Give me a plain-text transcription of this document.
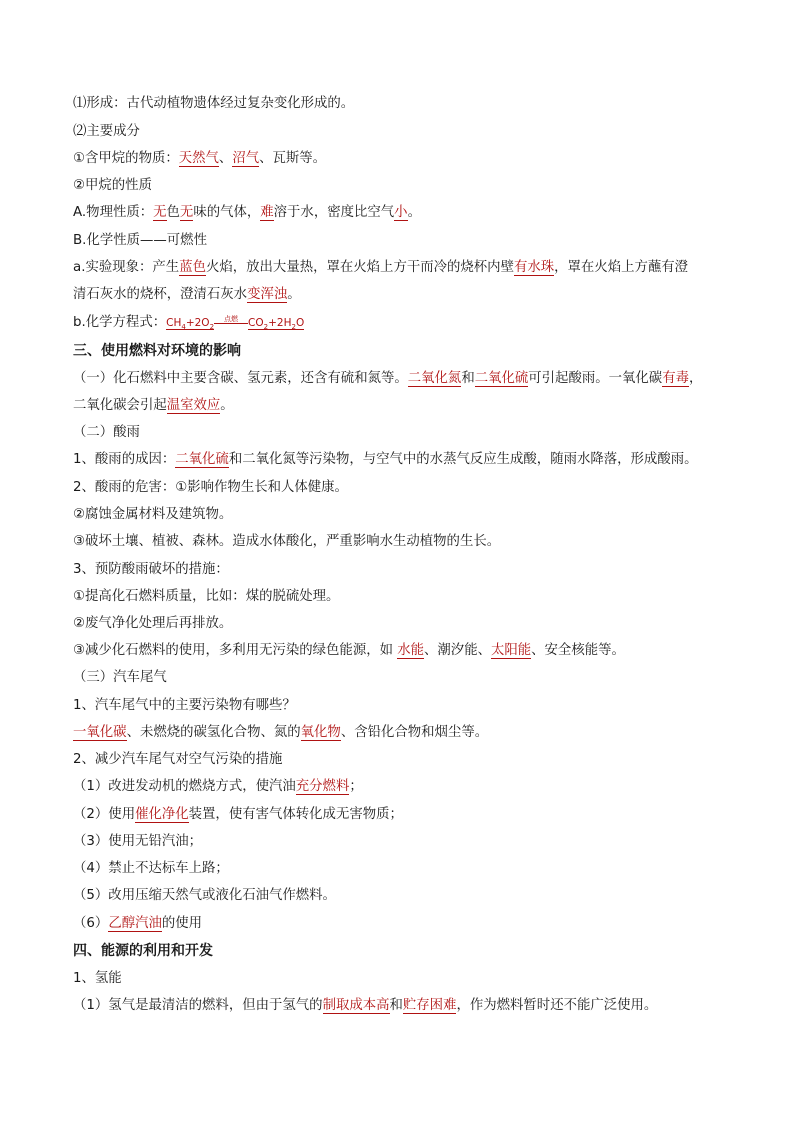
⑴形成：古代动植物遗体经过复杂变化形成的。
⑵主要成分
①含甲烷的物质：天然气、沼气、瓦斯等。
②甲烷的性质
A.物理性质：无色无味的气体，难溶于水，密度比空气小。
B.化学性质——可燃性
a.实验现象：产生蓝色火焰，放出大量热，罩在火焰上方干而冷的烧杯内壁有水珠，罩在火焰上方蘸有澄
清石灰水的烧杯，澄清石灰水变浑浊。
b.化学方程式：$CH_4+2O_2$点燃 $CO_2+2H_2O$
三、使用燃料对环境的影响
（一）化石燃料中主要含碳、氢元素，还含有硫和氮等。二氧化氮和二氧化硫可引起酸雨。一氧化碳有毒，
二氧化碳会引起温室效应。
（二）酸雨
1、酸雨的成因：二氧化硫和二氧化氮等污染物，与空气中的水蒸气反应生成酸，随雨水降落，形成酸雨。
2、酸雨的危害：①影响作物生长和人体健康。
②腐蚀金属材料及建筑物。
③破坏土壤、植被、森林。造成水体酸化，严重影响水生动植物的生长。
3、预防酸雨破坏的措施：
①提高化石燃料质量，比如：煤的脱硫处理。
②废气净化处理后再排放。
③减少化石燃料的使用，多利用无污染的绿色能源，如 水能、潮汐能、太阳能、安全核能等。
（三）汽车尾气
1、汽车尾气中的主要污染物有哪些？
一氧化碳、未燃烧的碳氢化合物、氮的氧化物、含铅化合物和烟尘等。
2、减少汽车尾气对空气污染的措施
（1）改进发动机的燃烧方式，使汽油充分燃料；
（2）使用催化净化装置，使有害气体转化成无害物质；
（3）使用无铅汽油；
（4）禁止不达标车上路；
（5）改用压缩天然气或液化石油气作燃料。
（6）乙醇汽油的使用
四、能源的利用和开发
1、氢能
（1）氢气是最清洁的燃料，但由于氢气的制取成本高和贮存困难，作为燃料暂时还不能广泛使用。
